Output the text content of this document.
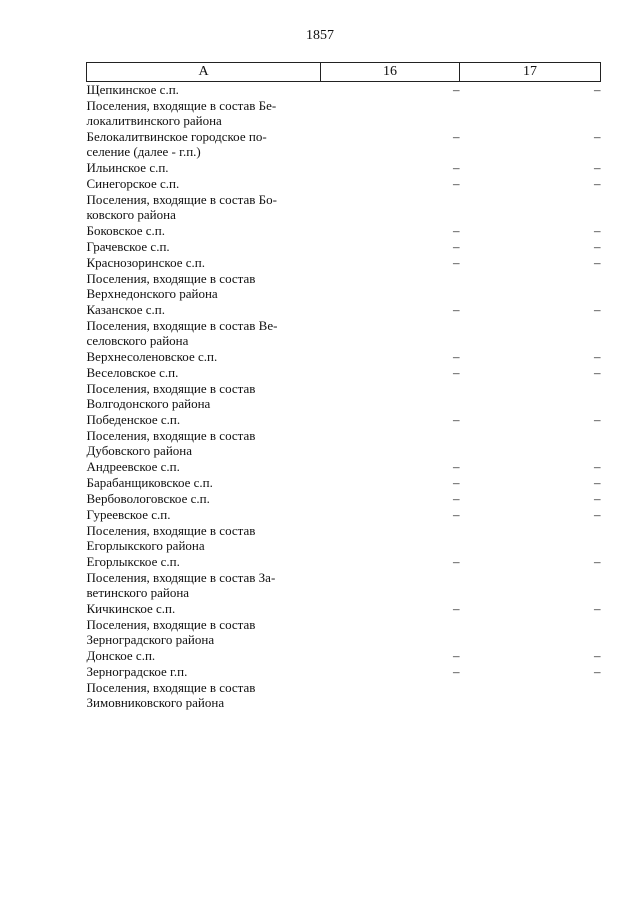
1857
A	16	17

Щепкинское с.п.	–	–

Поселения, входящие в состав Бе-
локалитвинского района		

Белокалитвинское городское по-
селение (далее - г.п.)	–	–

Ильинское с.п.	–	–

Синегорское с.п.	–	–

Поселения, входящие в состав Бо-
ковского района		

Боковское с.п.	–	–

Грачевское с.п.	–	–

Краснозоринское с.п.	–	–

Поселения, входящие в состав
Верхнедонского района		

Казанское с.п.	–	–

Поселения, входящие в состав Ве-
селовского района		

Верхнесоленовское с.п.	–	–

Веселовское с.п.	–	–

Поселения, входящие в состав
Волгодонского района		

Победенское с.п.	–	–

Поселения, входящие в состав
Дубовского района		

Андреевское с.п.	–	–

Барабанщиковское с.п.	–	–

Вербовологовское с.п.	–	–

Гуреевское с.п.	–	–

Поселения, входящие в состав
Егорлыкского района		

Егорлыкское с.п.	–	–

Поселения, входящие в состав За-
ветинского района		

Кичкинское с.п.	–	–

Поселения, входящие в состав
Зерноградского района		

Донское с.п.	–	–

Зерноградское г.п.	–	–

Поселения, входящие в состав
Зимовниковского района		
